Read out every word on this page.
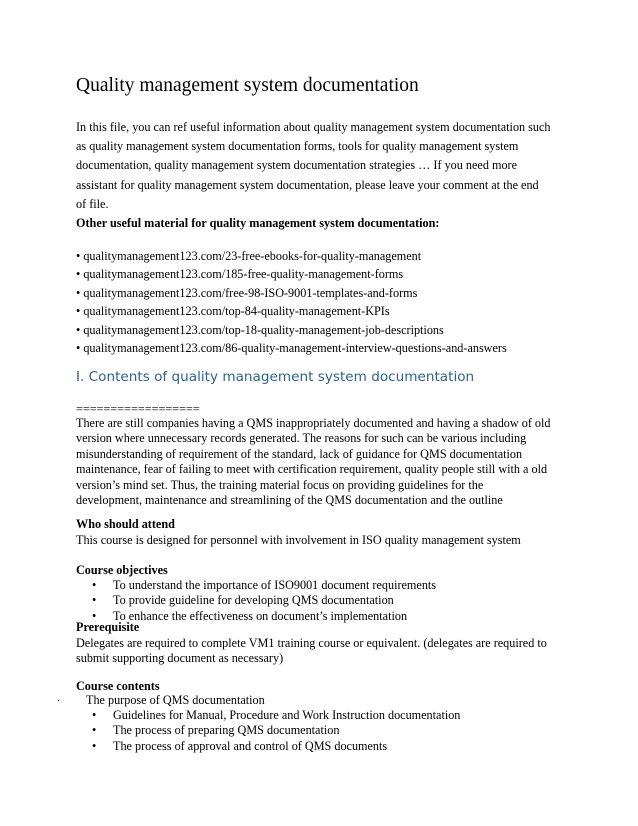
Quality management system documentation
In this file, you can ref useful information about quality management system documentation such
as quality management system documentation forms, tools for quality management system
documentation, quality management system documentation strategies … If you need more
assistant for quality management system documentation, please leave your comment at the end
of file.
Other useful material for quality management system documentation:
• qualitymanagement123.com/23-free-ebooks-for-quality-management
• qualitymanagement123.com/185-free-quality-management-forms
• qualitymanagement123.com/free-98-ISO-9001-templates-and-forms
• qualitymanagement123.com/top-84-quality-management-KPIs
• qualitymanagement123.com/top-18-quality-management-job-descriptions
• qualitymanagement123.com/86-quality-management-interview-questions-and-answers
I. Contents of quality management system documentation
==================
There are still companies having a QMS inappropriately documented and having a shadow of old
version where unnecessary records generated. The reasons for such can be various including
misunderstanding of requirement of the standard, lack of guidance for QMS documentation
maintenance, fear of failing to meet with certification requirement, quality people still with a old
version’s mind set. Thus, the training material focus on providing guidelines for the
development, maintenance and streamlining of the QMS documentation and the outline
Who should attend
This course is designed for personnel with involvement in ISO quality management system
Course objectives
• To understand the importance of ISO9001 document requirements
• To provide guideline for developing QMS documentation
• To enhance the effectiveness on document’s implementation
Prerequisite
Delegates are required to complete VM1 training course or equivalent. (delegates are required to
submit supporting document as necessary)
Course contents
· The purpose of QMS documentation
• Guidelines for Manual, Procedure and Work Instruction documentation
• The process of preparing QMS documentation
• The process of approval and control of QMS documents
